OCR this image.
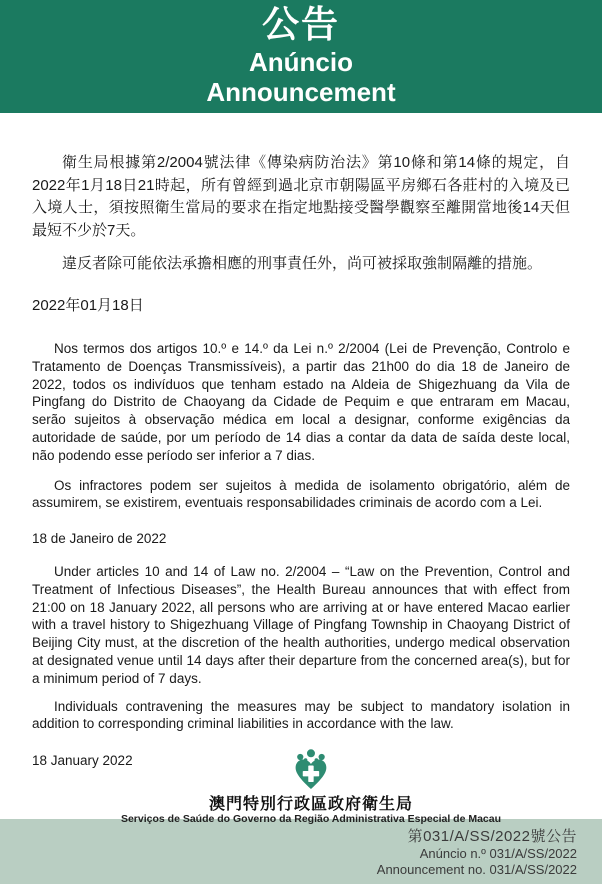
公告
Anúncio
Announcement

衛生局根據第2/2004號法律《傳染病防治法》第10條和第14條的規定，自2022年1月18日21時起，所有曾經到過北京市朝陽區平房鄉石各莊村的入境及已入境人士，須按照衛生當局的要求在指定地點接受醫學觀察至離開當地後14天但最短不少於7天。

違反者除可能依法承擔相應的刑事責任外，尚可被採取強制隔離的措施。

2022年01月18日

Nos termos dos artigos 10.º e 14.º da Lei n.º 2/2004 (Lei de Prevenção, Controlo e Tratamento de Doenças Transmissíveis), a partir das 21h00 do dia 18 de Janeiro de 2022, todos os indivíduos que tenham estado na Aldeia de Shigezhuang da Vila de Pingfang do Distrito de Chaoyang da Cidade de Pequim e que entraram em Macau, serão sujeitos à observação médica em local a designar, conforme exigências da autoridade de saúde, por um período de 14 dias a contar da data de saída deste local, não podendo esse período ser inferior a 7 dias.

Os infractores podem ser sujeitos à medida de isolamento obrigatório, além de assumirem, se existirem, eventuais responsabilidades criminais de acordo com a Lei.

18 de Janeiro de 2022

Under articles 10 and 14 of Law no. 2/2004 – “Law on the Prevention, Control and Treatment of Infectious Diseases”, the Health Bureau announces that with effect from 21:00 on 18 January 2022, all persons who are arriving at or have entered Macao earlier with a travel history to Shigezhuang Village of Pingfang Township in Chaoyang District of Beijing City must, at the discretion of the health authorities, undergo medical observation at designated venue until 14 days after their departure from the concerned area(s), but for a minimum period of 7 days.

Individuals contravening the measures may be subject to mandatory isolation in addition to corresponding criminal liabilities in accordance with the law.

18 January 2022
澳門特別行政區政府衛生局
Serviços de Saúde do Governo da Região Administrativa Especial de Macau
第031/A/SS/2022號公告
Anúncio n.º 031/A/SS/2022
Announcement no. 031/A/SS/2022
